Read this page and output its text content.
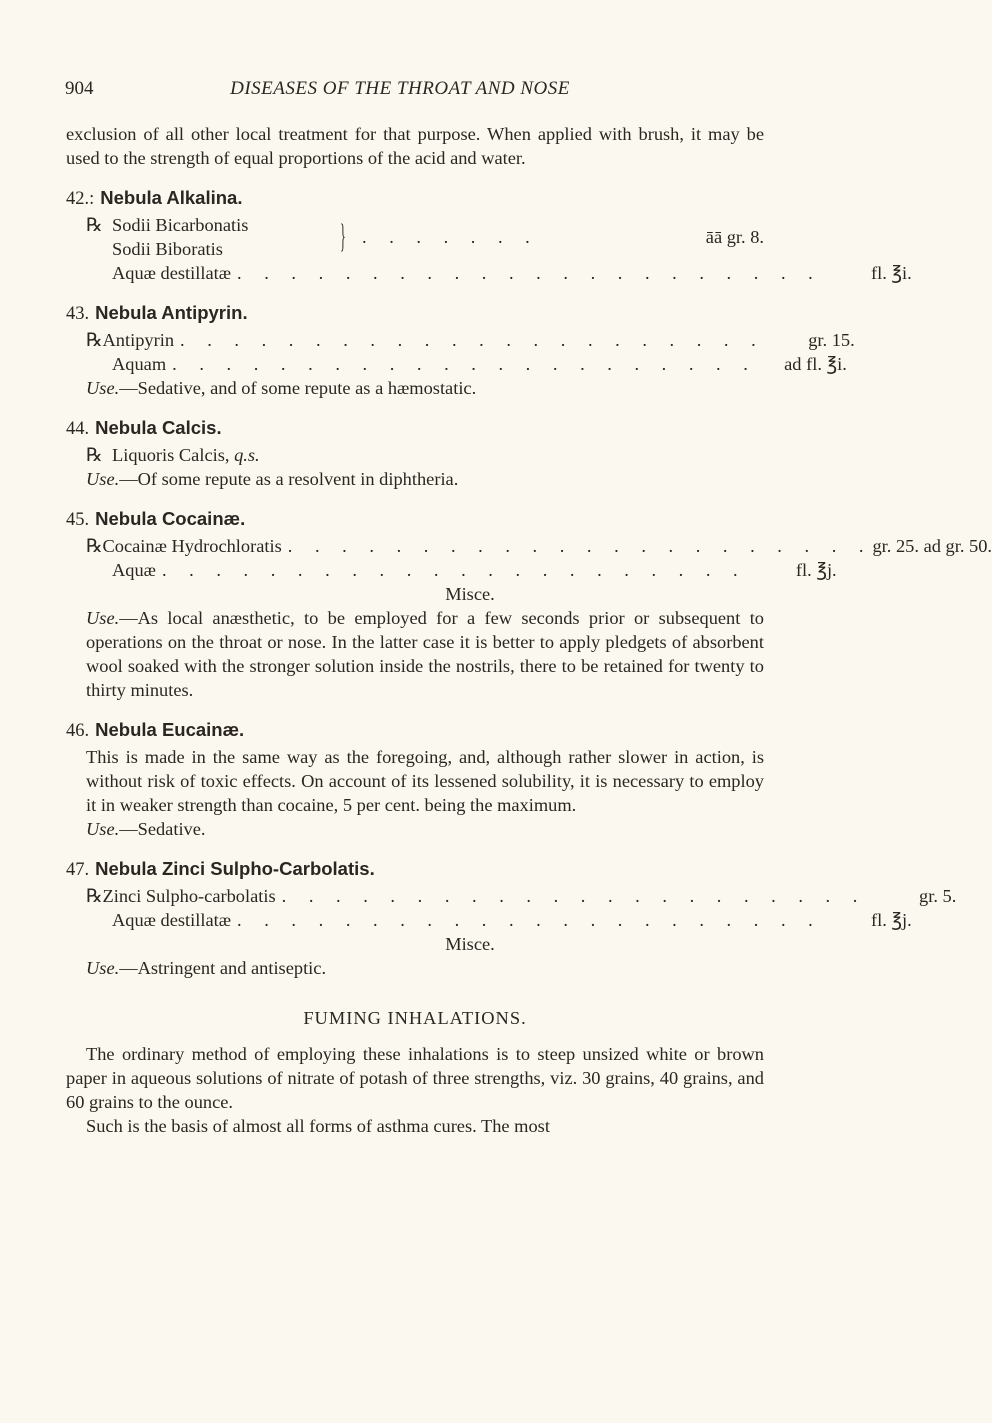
904	DISEASES OF THE THROAT AND NOSE

exclusion of all other local treatment for that purpose. When applied with brush, it may be used to the strength of equal proportions of the acid and water.

42.: Nebula Alkalina.
℞ Sodii Bicarbonatis
Sodii Biboratis	} . . . . . . .	āā gr. 8.
Aquæ destillatæ . . . . . . . . . . . . . . . . . . . . . .	fl. ℥i.
43. Nebula Antipyrin.
℞ Antipyrin . . . . . . . . . . . . . . . . . . . . . .	gr. 15.
Aquam . . . . . . . . . . . . . . . . . . . . . .	ad fl. ℥i.

Use.—Sedative, and of some repute as a hæmostatic.

44. Nebula Calcis.
℞ Liquoris Calcis, q.s.

Use.—Of some repute as a resolvent in diphtheria.

45. Nebula Cocainæ.
℞ Cocainæ Hydrochloratis . . . . . . . . . . . . . . . . . . . . . . gr. 25. ad gr. 50.
Aquæ . . . . . . . . . . . . . . . . . . . . . .	fl. ℥j.
Misce.

Use.—As local anæsthetic, to be employed for a few seconds prior or subsequent to operations on the throat or nose. In the latter case it is better to apply pledgets of absorbent wool soaked with the stronger solution inside the nostrils, there to be retained for twenty to thirty minutes.

46. Nebula Eucainæ.

This is made in the same way as the foregoing, and, although rather slower in action, is without risk of toxic effects. On account of its lessened solubility, it is necessary to employ it in weaker strength than cocaine, 5 per cent. being the maximum.

Use.—Sedative.

47. Nebula Zinci Sulpho-Carbolatis.
℞ Zinci Sulpho-carbolatis . . . . . . . . . . . . . . . . . . . . . .	gr. 5.
Aquæ destillatæ . . . . . . . . . . . . . . . . . . . . . .	fl. ℥j.
Misce.

Use.—Astringent and antiseptic.

FUMING INHALATIONS.

The ordinary method of employing these inhalations is to steep unsized white or brown paper in aqueous solutions of nitrate of potash of three strengths, viz. 30 grains, 40 grains, and 60 grains to the ounce.

Such is the basis of almost all forms of asthma cures. The most
